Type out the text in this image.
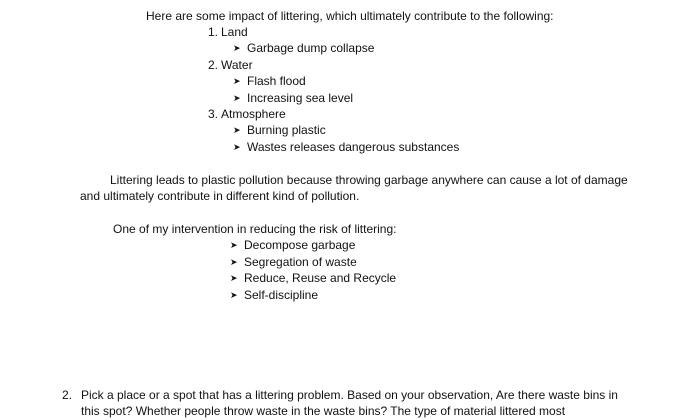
Here are some impact of littering, which ultimately contribute to the following:
1. Land
➤ Garbage dump collapse
2. Water
➤ Flash flood
➤ Increasing sea level
3. Atmosphere
➤ Burning plastic
➤ Wastes releases dangerous substances
Littering leads to plastic pollution because throwing garbage anywhere can cause a lot of damage
and ultimately contribute in different kind of pollution.
One of my intervention in reducing the risk of littering:
➤ Decompose garbage
➤ Segregation of waste
➤ Reduce, Reuse and Recycle
➤ Self-discipline
2. Pick a place or a spot that has a littering problem. Based on your observation, Are there waste bins in
this spot? Whether people throw waste in the waste bins? The type of material littered most
